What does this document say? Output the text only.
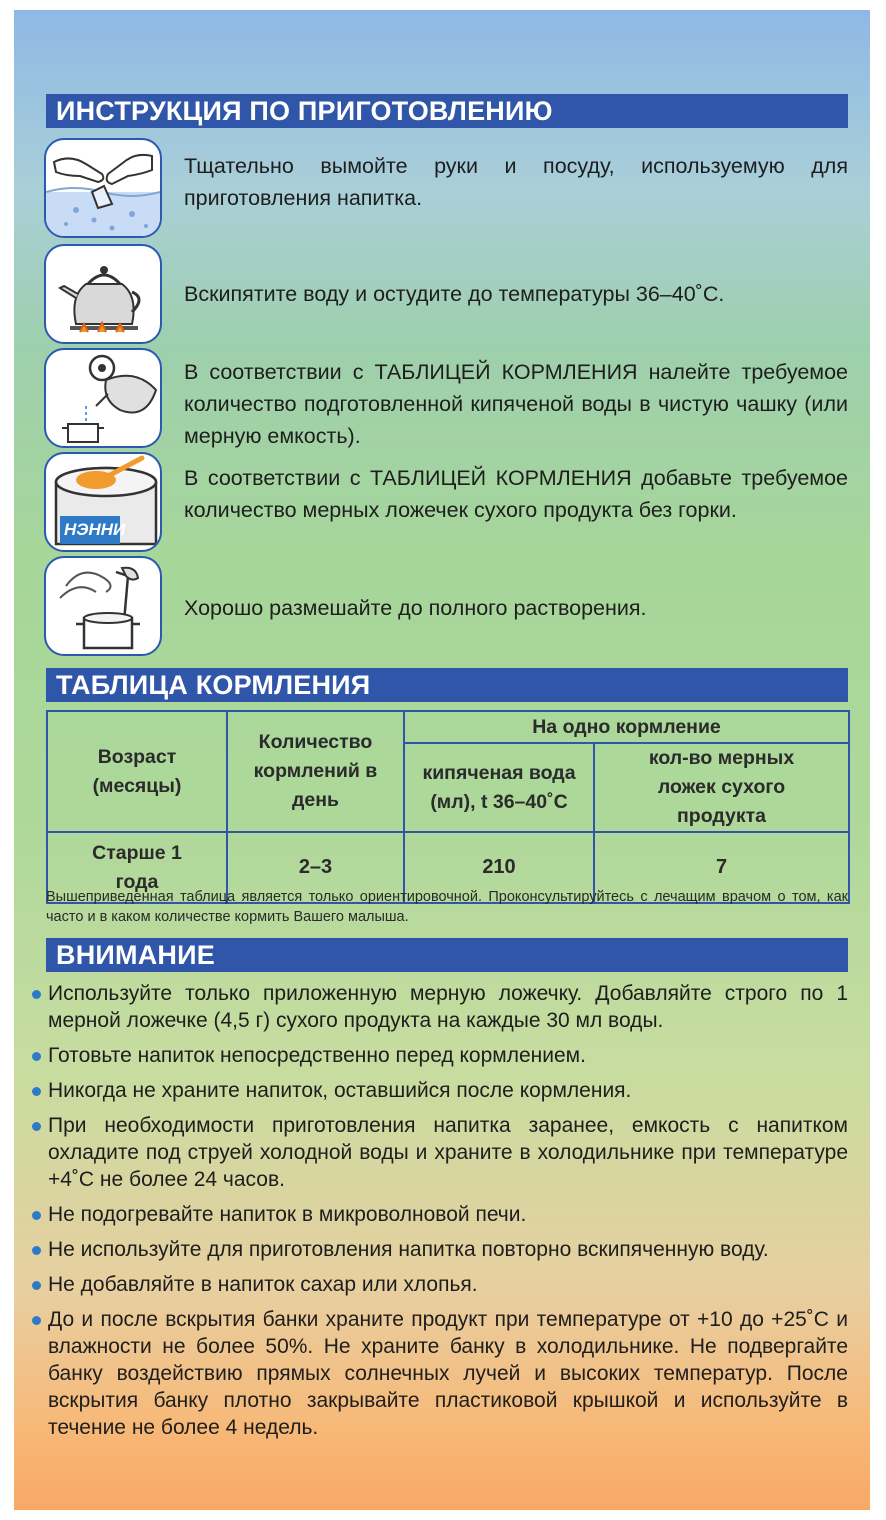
ИНСТРУКЦИЯ ПО ПРИГОТОВЛЕНИЮ
Тщательно вымойте руки и посуду, используемую для приготовления напитка.
Вскипятите воду и остудите до температуры 36–40˚С.
В соответствии с ТАБЛИЦЕЙ КОРМЛЕНИЯ налейте требуемое количество подготовленной кипяченой воды в чистую чашку (или мерную емкость).
НЭННИ
В соответствии с ТАБЛИЦЕЙ КОРМЛЕНИЯ добавьте требуемое количество мерных ложечек сухого продукта без горки.
Хорошо размешайте до полного растворения.
ТАБЛИЦА КОРМЛЕНИЯ
Возраст (месяцы)	Количество кормлений в день	На одно кормление	
		кипяченая вода (мл), t 36–40˚С	кол-во мерных ложек сухого продукта
Старше 1 года	2–3	210	7
Вышеприведенная таблица является только ориентировочной. Проконсультируйтесь с лечащим врачом о том, как часто и в каком количестве кормить Вашего малыша.
ВНИМАНИЕ
Используйте только приложенную мерную ложечку. Добавляйте строго по 1 мерной ложечке (4,5 г) сухого продукта на каждые 30 мл воды.
Готовьте напиток непосредственно перед кормлением.
Никогда не храните напиток, оставшийся после кормления.
При необходимости приготовления напитка заранее, емкость с напитком охладите под струей холодной воды и храните в холодильнике при температуре +4˚С не более 24 часов.
Не подогревайте напиток в микроволновой печи.
Не используйте для приготовления напитка повторно вскипяченную воду.
Не добавляйте в напиток сахар или хлопья.
До и после вскрытия банки храните продукт при температуре от +10 до +25˚С и влажности не более 50%. Не храните банку в холодильнике. Не подвергайте банку воздействию прямых солнечных лучей и высоких температур. После вскрытия банку плотно закрывайте пластиковой крышкой и используйте в течение не более 4 недель.
